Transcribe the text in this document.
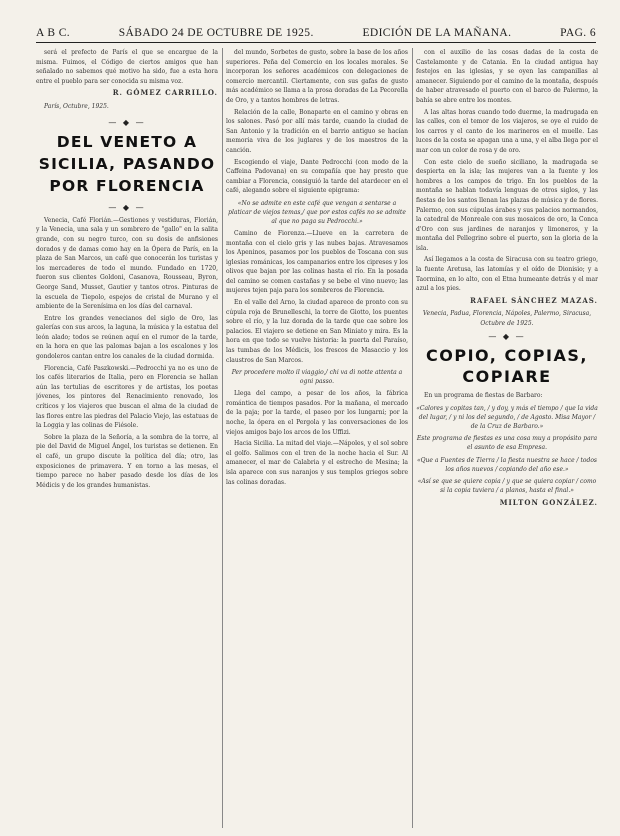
A B C.	SÁBADO 24 DE OCTUBRE DE 1925.	EDICIÓN DE LA MAÑANA.	PAG. 6

será el prefecto de París el que se encargue de la misma. Fuimos, el Código de ciertos amigos que han señalado no sabemos qué motivo ha sido, fue a esta hora entre el pueblo para ser conocida su misma voz.

R. GÓMEZ CARRILLO.
París, Octubre, 1925.
— ◆ —
DEL VENETO A SICILIA, PASANDO POR FLORENCIA
— ◆ —

Venecia, Café Florián.—Gestiones y vestiduras, Florián, y la Venecia, una sala y un sombrero de "gallo" en la salita grande, con su negro turco, con su dosis de anfisiones dorados y de damas como hay en la Ópera de París, en la plaza de San Marcos, un café que conocerán los turistas y los mercaderes de todo el mundo. Fundado en 1720, fueron sus clientes Goldoni, Casanova, Rousseau, Byron, George Sand, Musset, Gautier y tantos otros. Pinturas de la escuela de Tiepolo, espejos de cristal de Murano y el ambiente de la Serenísima en los días del carnaval.

Entre los grandes venecianos del siglo de Oro, las galerías con sus arcos, la laguna, la música y la estatua del león alado; todos se reúnen aquí en el rumor de la tarde, en la hora en que las palomas bajan a los escalones y los gondoleros cantan entre los canales de la ciudad dormida.

Florencia, Café Paszkowski.—Pedrocchi ya no es uno de los cafés literarios de Italia, pero en Florencia se hallan aún las tertulias de escritores y de artistas, los poetas jóvenes, los pintores del Renacimiento renovado, los críticos y los viajeros que buscan el alma de la ciudad de las flores entre las piedras del Palacio Viejo, las estatuas de la Loggia y las colinas de Fiésole.

Sobre la plaza de la Señoría, a la sombra de la torre, al pie del David de Miguel Ángel, los turistas se detienen. En el café, un grupo discute la política del día; otro, las exposiciones de primavera. Y en torno a las mesas, el tiempo parece no haber pasado desde los días de los Médicis y de los grandes humanistas.

del mundo, Sorbetes de gusto, sobre la base de los años superiores. Peña del Comercio en los locales morales. Se incorporan los señores académicos con delegaciones de comercio mercantil. Ciertamente, con sus gafas de gusto más académico se llama a la prosa doradas de La Pecorella de Oro, y a tantos hombres de letras.

Relación de la calle, Bonaparte en el camino y obras en los salones. Pasó por allí más tarde, cuando la ciudad de San Antonio y la tradición en el barrio antiguo se hacían memoria viva de los juglares y de los maestros de la canción.

Escogiendo el viaje, Dante Pedrocchi (con modo de la Caffeina Padovana) en su compañía que hay presto que cambiar a Florencia, consiguió la tarde del atardecer en el café, alegando sobre el siguiente epigrama:

«No se admite en este café que vengan a sentarse a platicar de viejos temas,/ que por estos cafés no se admite al que no paga su Pedrocchi.»

Camino de Fiorenza.—Llueve en la carretera de montaña con el cielo gris y las nubes bajas. Atravesamos los Apeninos, pasamos por los pueblos de Toscana con sus iglesias románicas, los campanarios entre los cipreses y los olivos que bajan por las colinas hasta el río. En la posada del camino se comen castañas y se bebe el vino nuevo; las mujeres tejen paja para los sombreros de Florencia.

En el valle del Arno, la ciudad aparece de pronto con su cúpula roja de Brunelleschi, la torre de Giotto, los puentes sobre el río, y la luz dorada de la tarde que cae sobre los palacios. El viajero se detiene en San Miniato y mira. Es la hora en que todo se vuelve historia: la puerta del Paraíso, las tumbas de los Médicis, los frescos de Masaccio y los claustros de San Marcos.

Per procedere molto il viaggio,/ chi va di notte attenta a ogni passo.

Llega del campo, a pesar de los años, la fábrica romántica de tiempos pasados. Por la mañana, el mercado de la paja; por la tarde, el paseo por los lungarni; por la noche, la ópera en el Pergola y las conversaciones de los viejos amigos bajo los arcos de los Uffizi.

Hacia Sicilia. La mitad del viaje.—Nápoles, y el sol sobre el golfo. Salimos con el tren de la noche hacia el Sur. Al amanecer, el mar de Calabria y el estrecho de Mesina; la isla aparece con sus naranjos y sus templos griegos sobre las colinas doradas.

con el auxilio de las cosas dadas de la costa de Castelamonte y de Catania. En la ciudad antigua hay festejos en las iglesias, y se oyen las campanillas al amanecer. Siguiendo por el camino de la montaña, después de haber atravesado el puerto con el barco de Palermo, la bahía se abre entre los montes.

A las altas horas cuando todo duerme, la madrugada en las calles, con el temor de los viajeros, se oye el ruido de los carros y el canto de los marineros en el muelle. Las luces de la costa se apagan una a una, y el alba llega por el mar con un color de rosa y de oro.

Con este cielo de sueño siciliano, la madrugada se despierta en la isla; las mujeres van a la fuente y los hombres a los campos de trigo. En los pueblos de la montaña se hablan todavía lenguas de otros siglos, y las fiestas de los santos llenan las plazas de música y de flores. Palermo, con sus cúpulas árabes y sus palacios normandos, la catedral de Monreale con sus mosaicos de oro, la Conca d'Oro con sus jardines de naranjos y limoneros, y la montaña del Pellegrino sobre el puerto, son la gloria de la isla.

Así llegamos a la costa de Siracusa con su teatro griego, la fuente Aretusa, las latomías y el oído de Dionisio; y a Taormina, en lo alto, con el Etna humeante detrás y el mar azul a los pies.

RAFAEL SÁNCHEZ MAZAS.
Venecia, Padua, Florencia, Nápoles, Palermo, Siracusa, Octubre de 1925.
— ◆ —
COPIO, COPIAS, COPIARE

En un programa de fiestas de Barbaro:

«Calores y copitas tan, / y doy, y más el tiempo / que la vida del lugar, / y ni los del segundo, / de Agosto. Misa Mayor / de la Cruz de Barbaro.»
Este programa de fiestas es una cosa muy a propósito para el asunto de esa Empresa.
«Que a Fuentes de Tierra / la fiesta nuestra se hace / todos los años nuevos / copiando del año ese.»
«Así se que se quiere copia / y que se quiera copiar / como si la copia tuviera / a planos, hasta el final.»
MILTON GONZÁLEZ.
